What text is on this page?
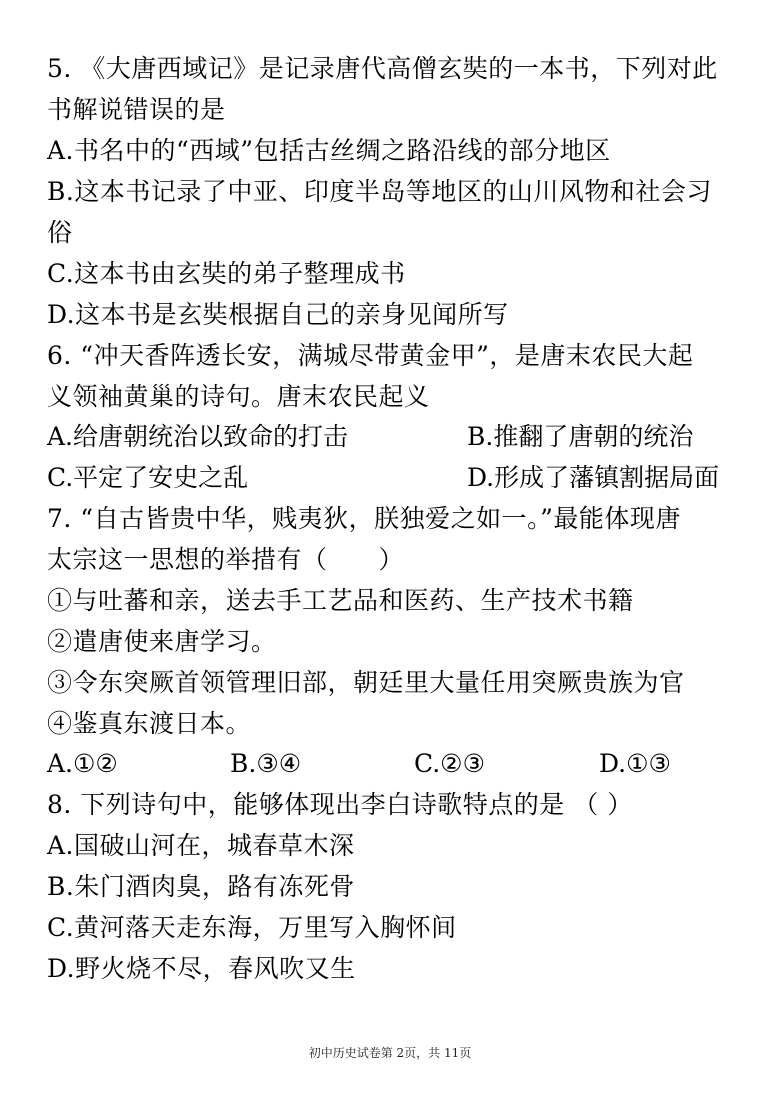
5. 《大唐西域记》是记录唐代高僧玄奘的一本书，下列对此
书解说错误的是
A.书名中的“西域”包括古丝绸之路沿线的部分地区
B.这本书记录了中亚、印度半岛等地区的山川风物和社会习
俗
C.这本书由玄奘的弟子整理成书
D.这本书是玄奘根据自己的亲身见闻所写
6. “冲天香阵透长安，满城尽带黄金甲”，是唐末农民大起
义领袖黄巢的诗句。唐末农民起义
A.给唐朝统治以致命的打击	B.推翻了唐朝的统治
C.平定了安史之乱	D.形成了藩镇割据局面
7. “自古皆贵中华，贱夷狄，朕独爱之如一。”最能体现唐
太宗这一思想的举措有（　　）
①与吐蕃和亲，送去手工艺品和医药、生产技术书籍
②遣唐使来唐学习。
③令东突厥首领管理旧部，朝廷里大量任用突厥贵族为官
④鉴真东渡日本。
A.①②	B.③④	C.②③	D.①③
8. 下列诗句中，能够体现出李白诗歌特点的是 （ ）
A.国破山河在，城春草木深
B.朱门酒肉臭，路有冻死骨
C.黄河落天走东海，万里写入胸怀间
D.野火烧不尽，春风吹又生
初中历史试卷第 2页，共 11页
